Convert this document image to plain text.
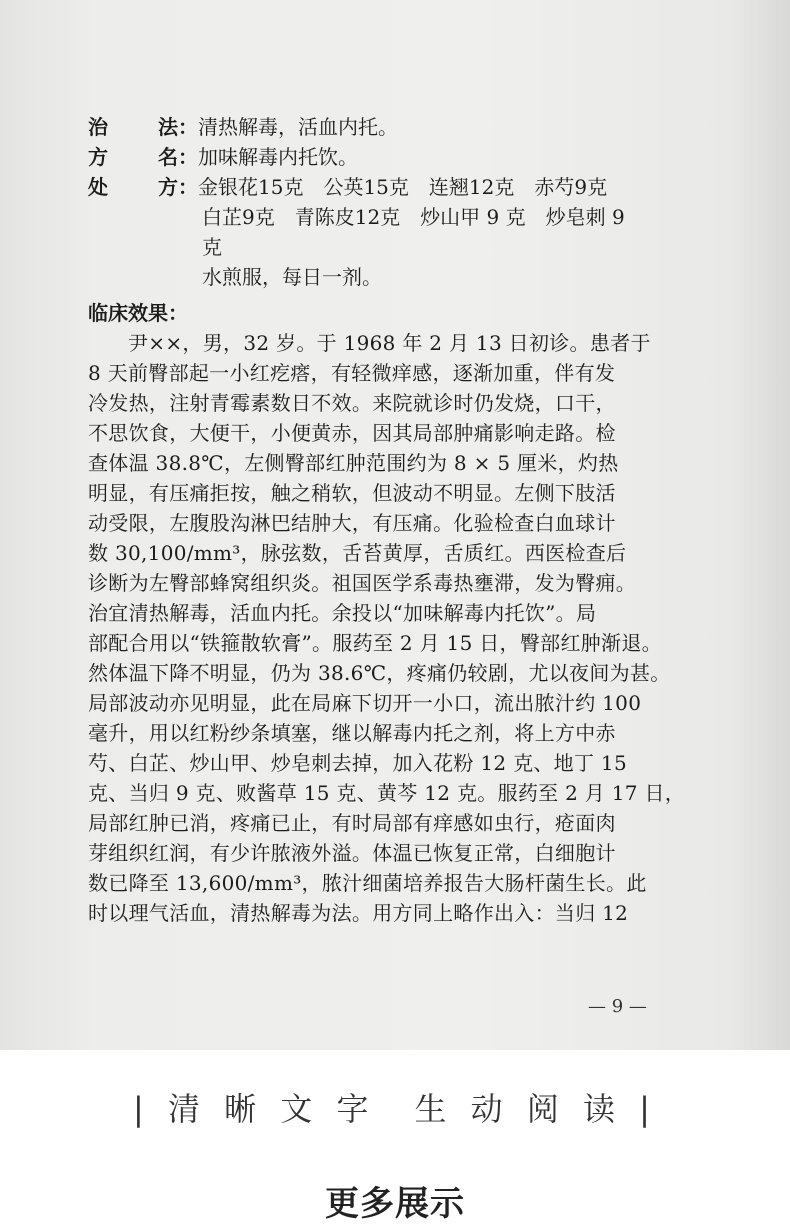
治	法： 清热解毒，活血内托。
方	名： 加味解毒内托饮。
处	方： 金银花15克　公英15克　连翘12克　赤芍9克
白芷9克　青陈皮12克　炒山甲 9 克　炒皂刺 9
克
水煎服，每日一剂。
临床效果：
尹××，男，32 岁。于 1968 年 2 月 13 日初诊。患者于
8 天前臀部起一小红疙瘩，有轻微痒感，逐渐加重，伴有发
冷发热，注射青霉素数日不效。来院就诊时仍发烧，口干，
不思饮食，大便干，小便黄赤，因其局部肿痛影响走路。检
查体温 38.8℃，左侧臀部红肿范围约为 8 × 5 厘米，灼热
明显，有压痛拒按，触之稍软，但波动不明显。左侧下肢活
动受限，左腹股沟淋巴结肿大，有压痛。化验检查白血球计
数 30,100/mm³，脉弦数，舌苔黄厚，舌质红。西医检查后
诊断为左臀部蜂窝组织炎。祖国医学系毒热壅滞，发为臀痈。
治宜清热解毒，活血内托。余投以“加味解毒内托饮”。局
部配合用以“铁箍散软膏”。服药至 2 月 15 日，臀部红肿渐退。
然体温下降不明显，仍为 38.6℃，疼痛仍较剧，尤以夜间为甚。
局部波动亦见明显，此在局麻下切开一小口，流出脓汁约 100
毫升，用以红粉纱条填塞，继以解毒内托之剂，将上方中赤
芍、白芷、炒山甲、炒皂刺去掉，加入花粉 12 克、地丁 15
克、当归 9 克、败酱草 15 克、黄芩 12 克。服药至 2 月 17 日，
局部红肿已消，疼痛已止，有时局部有痒感如虫行，疮面肉
芽组织红润，有少许脓液外溢。体温已恢复正常，白细胞计
数已降至 13,600/mm³，脓汁细菌培养报告大肠杆菌生长。此
时以理气活血，清热解毒为法。用方同上略作出入：当归 12
— 9 —
| 清 晰 文 字　生 动 阅 读 |
更多展示
